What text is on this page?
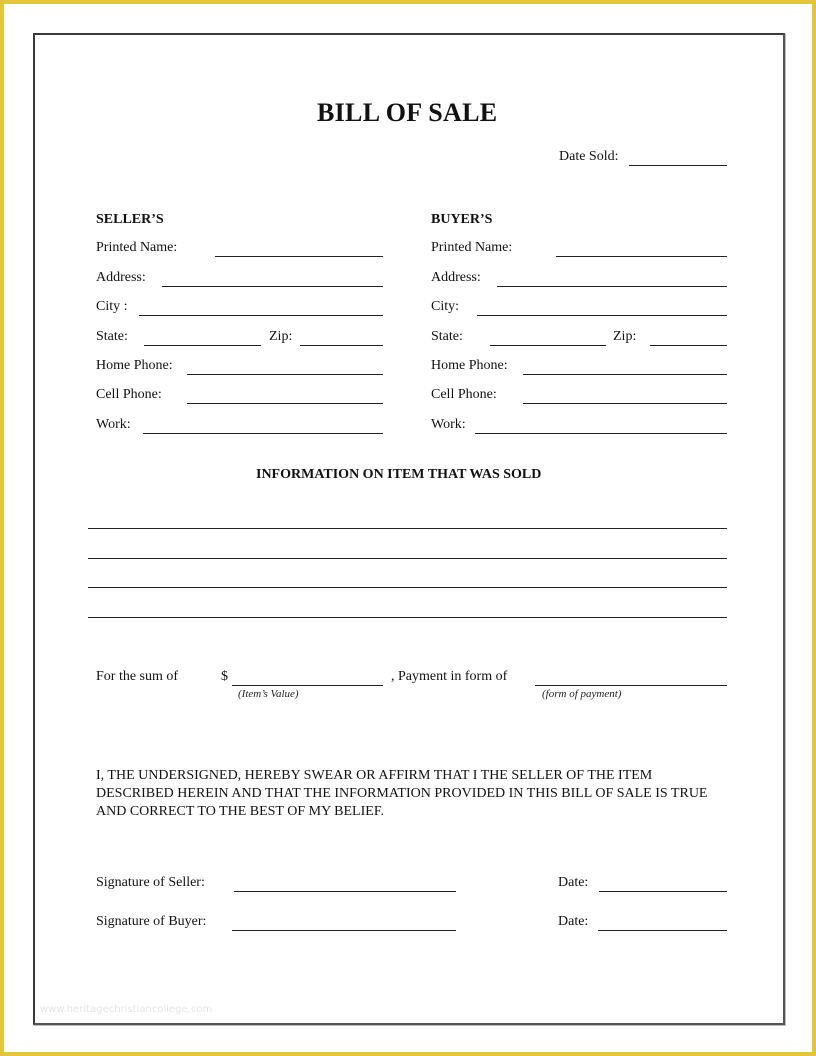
BILL OF SALE
Date Sold:
SELLER’S
Printed Name:
Address:
City :
State:	Zip:
Home Phone:
Cell Phone:
Work:
BUYER’S
Printed Name:
Address:
City:
State:	Zip:
Home Phone:
Cell Phone:
Work:
INFORMATION ON ITEM THAT WAS SOLD
For the sum of	$
(Item’s Value)
, Payment in form of
(form of payment)
I, THE UNDERSIGNED, HEREBY SWEAR OR AFFIRM THAT I THE SELLER OF THE ITEM DESCRIBED HEREIN AND THAT THE INFORMATION PROVIDED IN THIS BILL OF SALE IS TRUE AND CORRECT TO THE BEST OF MY BELIEF.
Signature of Seller:	Date:
Signature of Buyer:	Date:
www.heritagechristiancollege.com
